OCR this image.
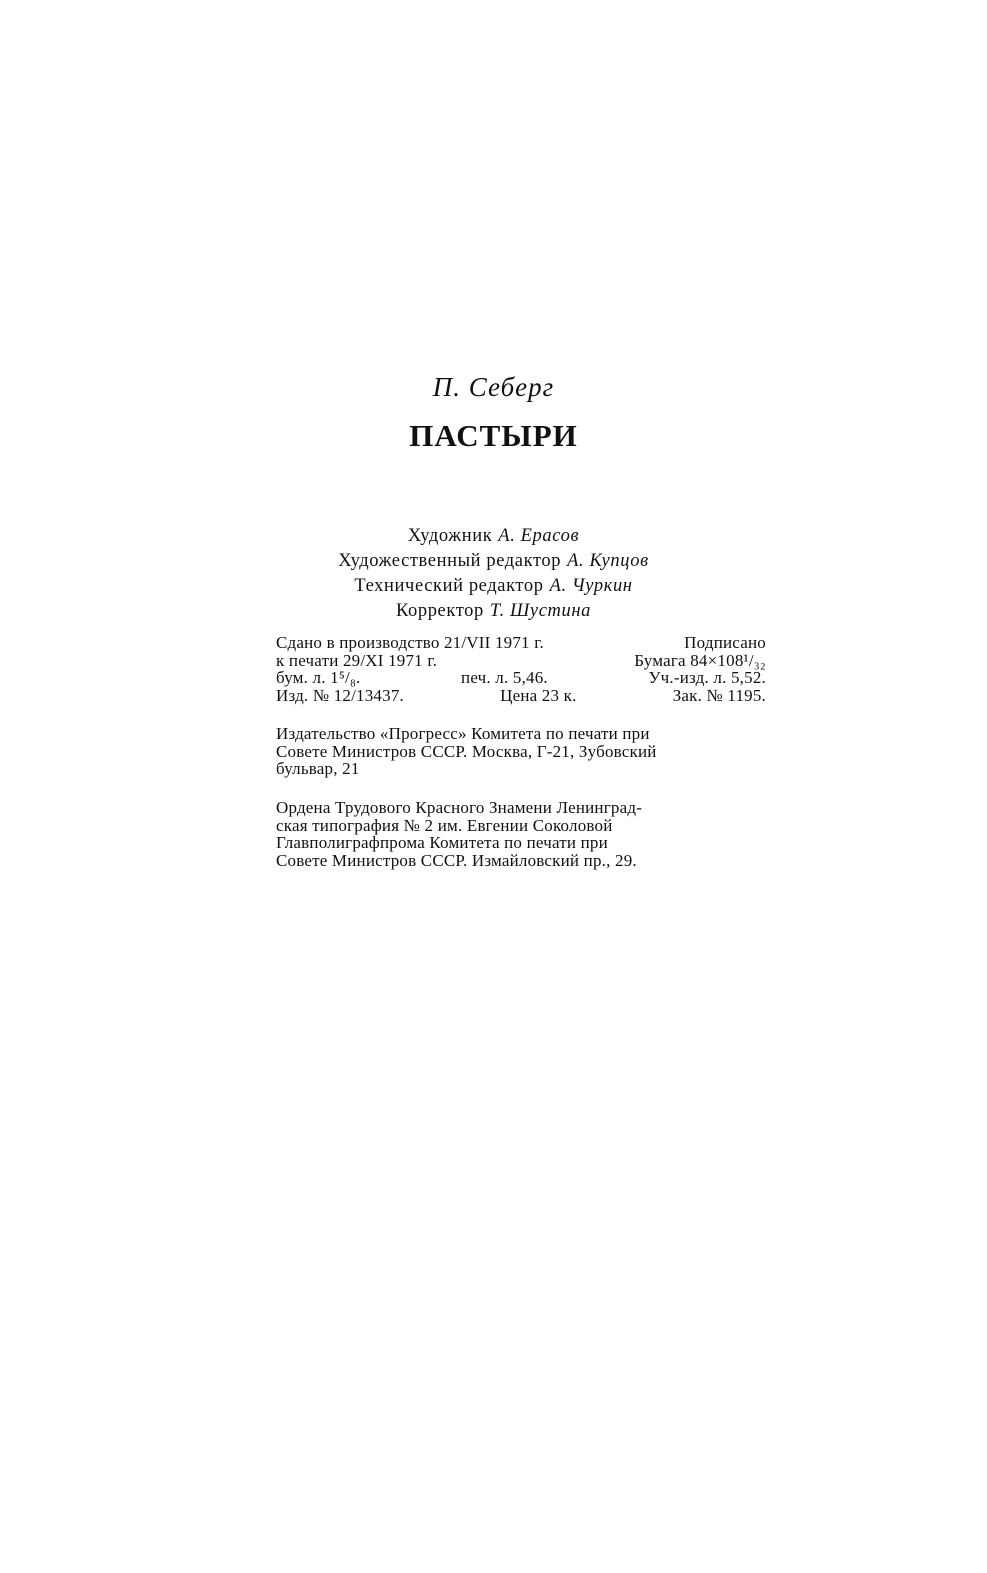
П. Себерг
ПАСТЫРИ
Художник А. Ерасов
Художественный редактор А. Купцов
Технический редактор А. Чуркин
Корректор Т. Шустина
Сдано в производство 21/VII 1971 г.	Подписано
к печати 29/XI 1971 г.	Бумага 84×108¹/₃₂
бум. л. 1⁵/₈.	печ. л. 5,46.	Уч.-изд. л. 5,52.
Изд. № 12/13437.	Цена 23 к.	Зак. № 1195.
Издательство «Прогресс» Комитета по печати при
Совете Министров СССР. Москва, Г-21, Зубовский
бульвар, 21
Ордена Трудового Красного Знамени Ленинград-
ская типография № 2 им. Евгении Соколовой
Главполиграфпрома Комитета по печати при
Совете Министров СССР. Измайловский пр., 29.
